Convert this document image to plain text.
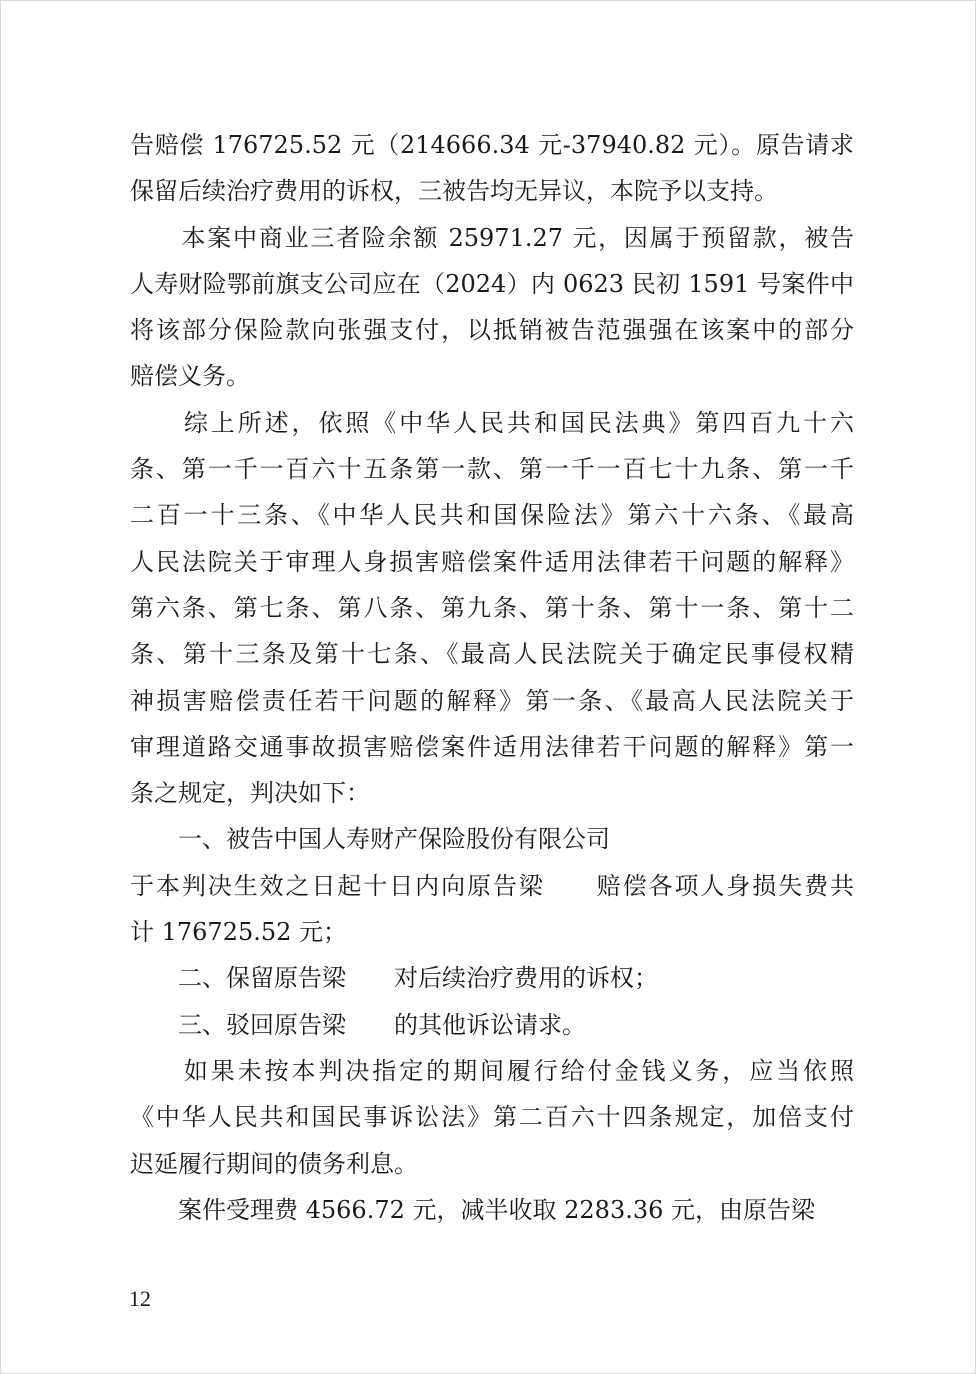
告赔偿 176725.52 元（214666.34 元-37940.82 元）。原告请求
保留后续治疗费用的诉权，三被告均无异议，本院予以支持。
　　本案中商业三者险余额 25971.27 元，因属于预留款，被告
人寿财险鄂前旗支公司应在（2024）内 0623 民初 1591 号案件中
将该部分保险款向张强支付，以抵销被告范强强在该案中的部分
赔偿义务。
　　综上所述，依照《中华人民共和国民法典》第四百九十六
条、第一千一百六十五条第一款、第一千一百七十九条、第一千
二百一十三条、《中华人民共和国保险法》第六十六条、《最高
人民法院关于审理人身损害赔偿案件适用法律若干问题的解释》
第六条、第七条、第八条、第九条、第十条、第十一条、第十二
条、第十三条及第十七条、《最高人民法院关于确定民事侵权精
神损害赔偿责任若干问题的解释》第一条、《最高人民法院关于
审理道路交通事故损害赔偿案件适用法律若干问题的解释》第一
条之规定，判决如下：
　　一、被告中国人寿财产保险股份有限公司
于本判决生效之日起十日内向原告梁　　赔偿各项人身损失费共
计 176725.52 元；
　　二、保留原告梁　　对后续治疗费用的诉权；
　　三、驳回原告梁　　的其他诉讼请求。
　　如果未按本判决指定的期间履行给付金钱义务，应当依照
《中华人民共和国民事诉讼法》第二百六十四条规定，加倍支付
迟延履行期间的债务利息。
　　案件受理费 4566.72 元，减半收取 2283.36 元，由原告梁
12
